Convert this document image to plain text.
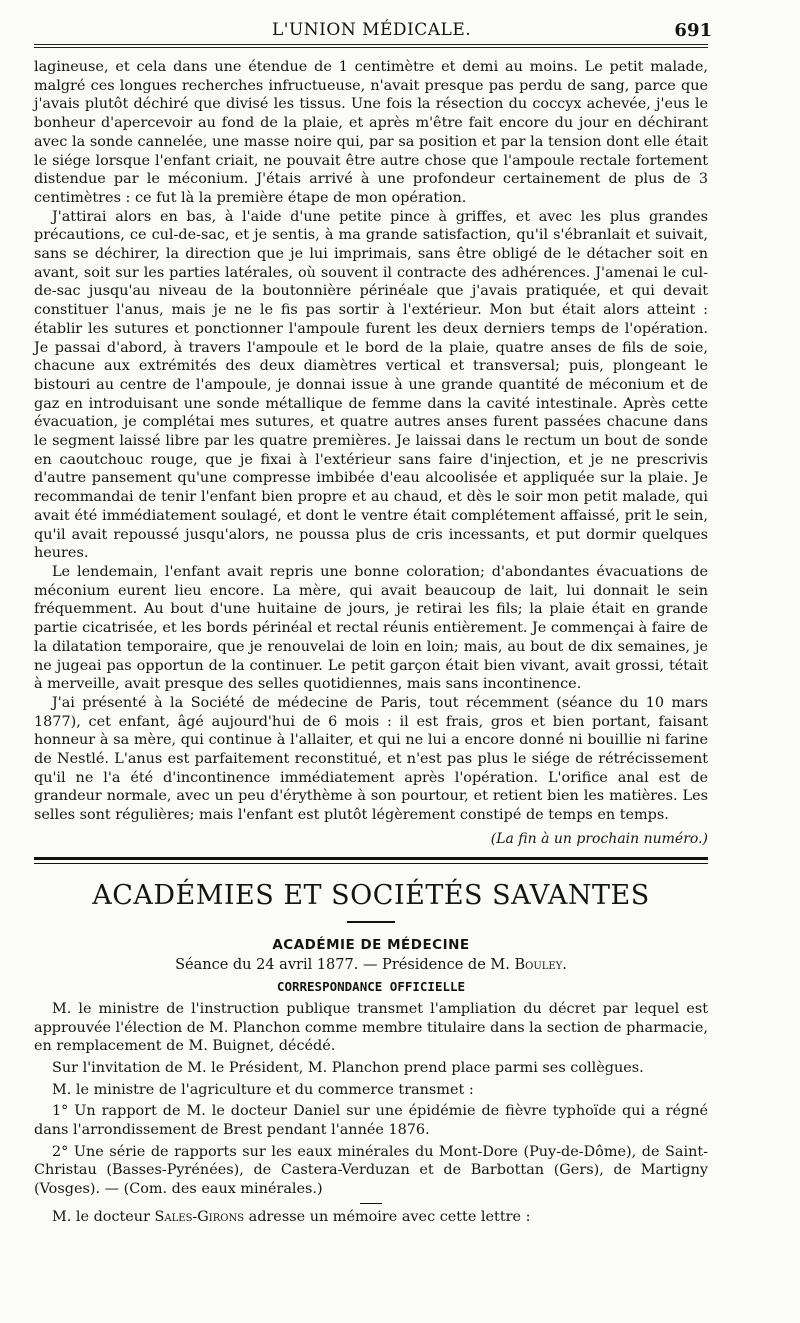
L'UNION MÉDICALE.	691

lagineuse, et cela dans une étendue de 1 centimètre et demi au moins. Le petit malade, malgré ces longues recherches infructueuse, n'avait presque pas perdu de sang, parce que j'avais plutôt déchiré que divisé les tissus. Une fois la résection du coccyx achevée, j'eus le bonheur d'apercevoir au fond de la plaie, et après m'être fait encore du jour en déchirant avec la sonde cannelée, une masse noire qui, par sa position et par la tension dont elle était le siége lorsque l'enfant criait, ne pouvait être autre chose que l'ampoule rectale fortement distendue par le méconium. J'étais arrivé à une profondeur certainement de plus de 3 centimètres : ce fut là la première étape de mon opération.

J'attirai alors en bas, à l'aide d'une petite pince à griffes, et avec les plus grandes précautions, ce cul-de-sac, et je sentis, à ma grande satisfaction, qu'il s'ébranlait et suivait, sans se déchirer, la direction que je lui imprimais, sans être obligé de le détacher soit en avant, soit sur les parties latérales, où souvent il contracte des adhérences. J'amenai le cul-de-sac jusqu'au niveau de la boutonnière périnéale que j'avais pratiquée, et qui devait constituer l'anus, mais je ne le fis pas sortir à l'extérieur. Mon but était alors atteint : établir les sutures et ponctionner l'ampoule furent les deux derniers temps de l'opération. Je passai d'abord, à travers l'ampoule et le bord de la plaie, quatre anses de fils de soie, chacune aux extrémités des deux diamètres vertical et transversal; puis, plongeant le bistouri au centre de l'ampoule, je donnai issue à une grande quantité de méconium et de gaz en introduisant une sonde métallique de femme dans la cavité intestinale. Après cette évacuation, je complétai mes sutures, et quatre autres anses furent passées chacune dans le segment laissé libre par les quatre premières. Je laissai dans le rectum un bout de sonde en caoutchouc rouge, que je fixai à l'extérieur sans faire d'injection, et je ne prescrivis d'autre pansement qu'une compresse imbibée d'eau alcoolisée et appliquée sur la plaie. Je recommandai de tenir l'enfant bien propre et au chaud, et dès le soir mon petit malade, qui avait été immédiatement soulagé, et dont le ventre était complétement affaissé, prit le sein, qu'il avait repoussé jusqu'alors, ne poussa plus de cris incessants, et put dormir quelques heures.

Le lendemain, l'enfant avait repris une bonne coloration; d'abondantes évacuations de méconium eurent lieu encore. La mère, qui avait beaucoup de lait, lui donnait le sein fréquemment. Au bout d'une huitaine de jours, je retirai les fils; la plaie était en grande partie cicatrisée, et les bords périnéal et rectal réunis entièrement. Je commençai à faire de la dilatation temporaire, que je renouvelai de loin en loin; mais, au bout de dix semaines, je ne jugeai pas opportun de la continuer. Le petit garçon était bien vivant, avait grossi, tétait à merveille, avait presque des selles quotidiennes, mais sans incontinence.

J'ai présenté à la Société de médecine de Paris, tout récemment (séance du 10 mars 1877), cet enfant, âgé aujourd'hui de 6 mois : il est frais, gros et bien portant, faisant honneur à sa mère, qui continue à l'allaiter, et qui ne lui a encore donné ni bouillie ni farine de Nestlé. L'anus est parfaitement reconstitué, et n'est pas plus le siége de rétrécissement qu'il ne l'a été d'incontinence immédiatement après l'opération. L'orifice anal est de grandeur normale, avec un peu d'érythème à son pourtour, et retient bien les matières. Les selles sont régulières; mais l'enfant est plutôt légèrement constipé de temps en temps.

(La fin à un prochain numéro.)

ACADÉMIES ET SOCIÉTÉS SAVANTES
ACADÉMIE DE MÉDECINE
Séance du 24 avril 1877. — Présidence de M. Bouley.
CORRESPONDANCE OFFICIELLE

M. le ministre de l'instruction publique transmet l'ampliation du décret par lequel est approuvée l'élection de M. Planchon comme membre titulaire dans la section de pharmacie, en remplacement de M. Buignet, décédé.

Sur l'invitation de M. le Président, M. Planchon prend place parmi ses collègues.

M. le ministre de l'agriculture et du commerce transmet :

1° Un rapport de M. le docteur Daniel sur une épidémie de fièvre typhoïde qui a régné dans l'arrondissement de Brest pendant l'année 1876.

2° Une série de rapports sur les eaux minérales du Mont-Dore (Puy-de-Dôme), de Saint-Christau (Basses-Pyrénées), de Castera-Verduzan et de Barbottan (Gers), de Martigny (Vosges). — (Com. des eaux minérales.)

M. le docteur Sales-Girons adresse un mémoire avec cette lettre :
